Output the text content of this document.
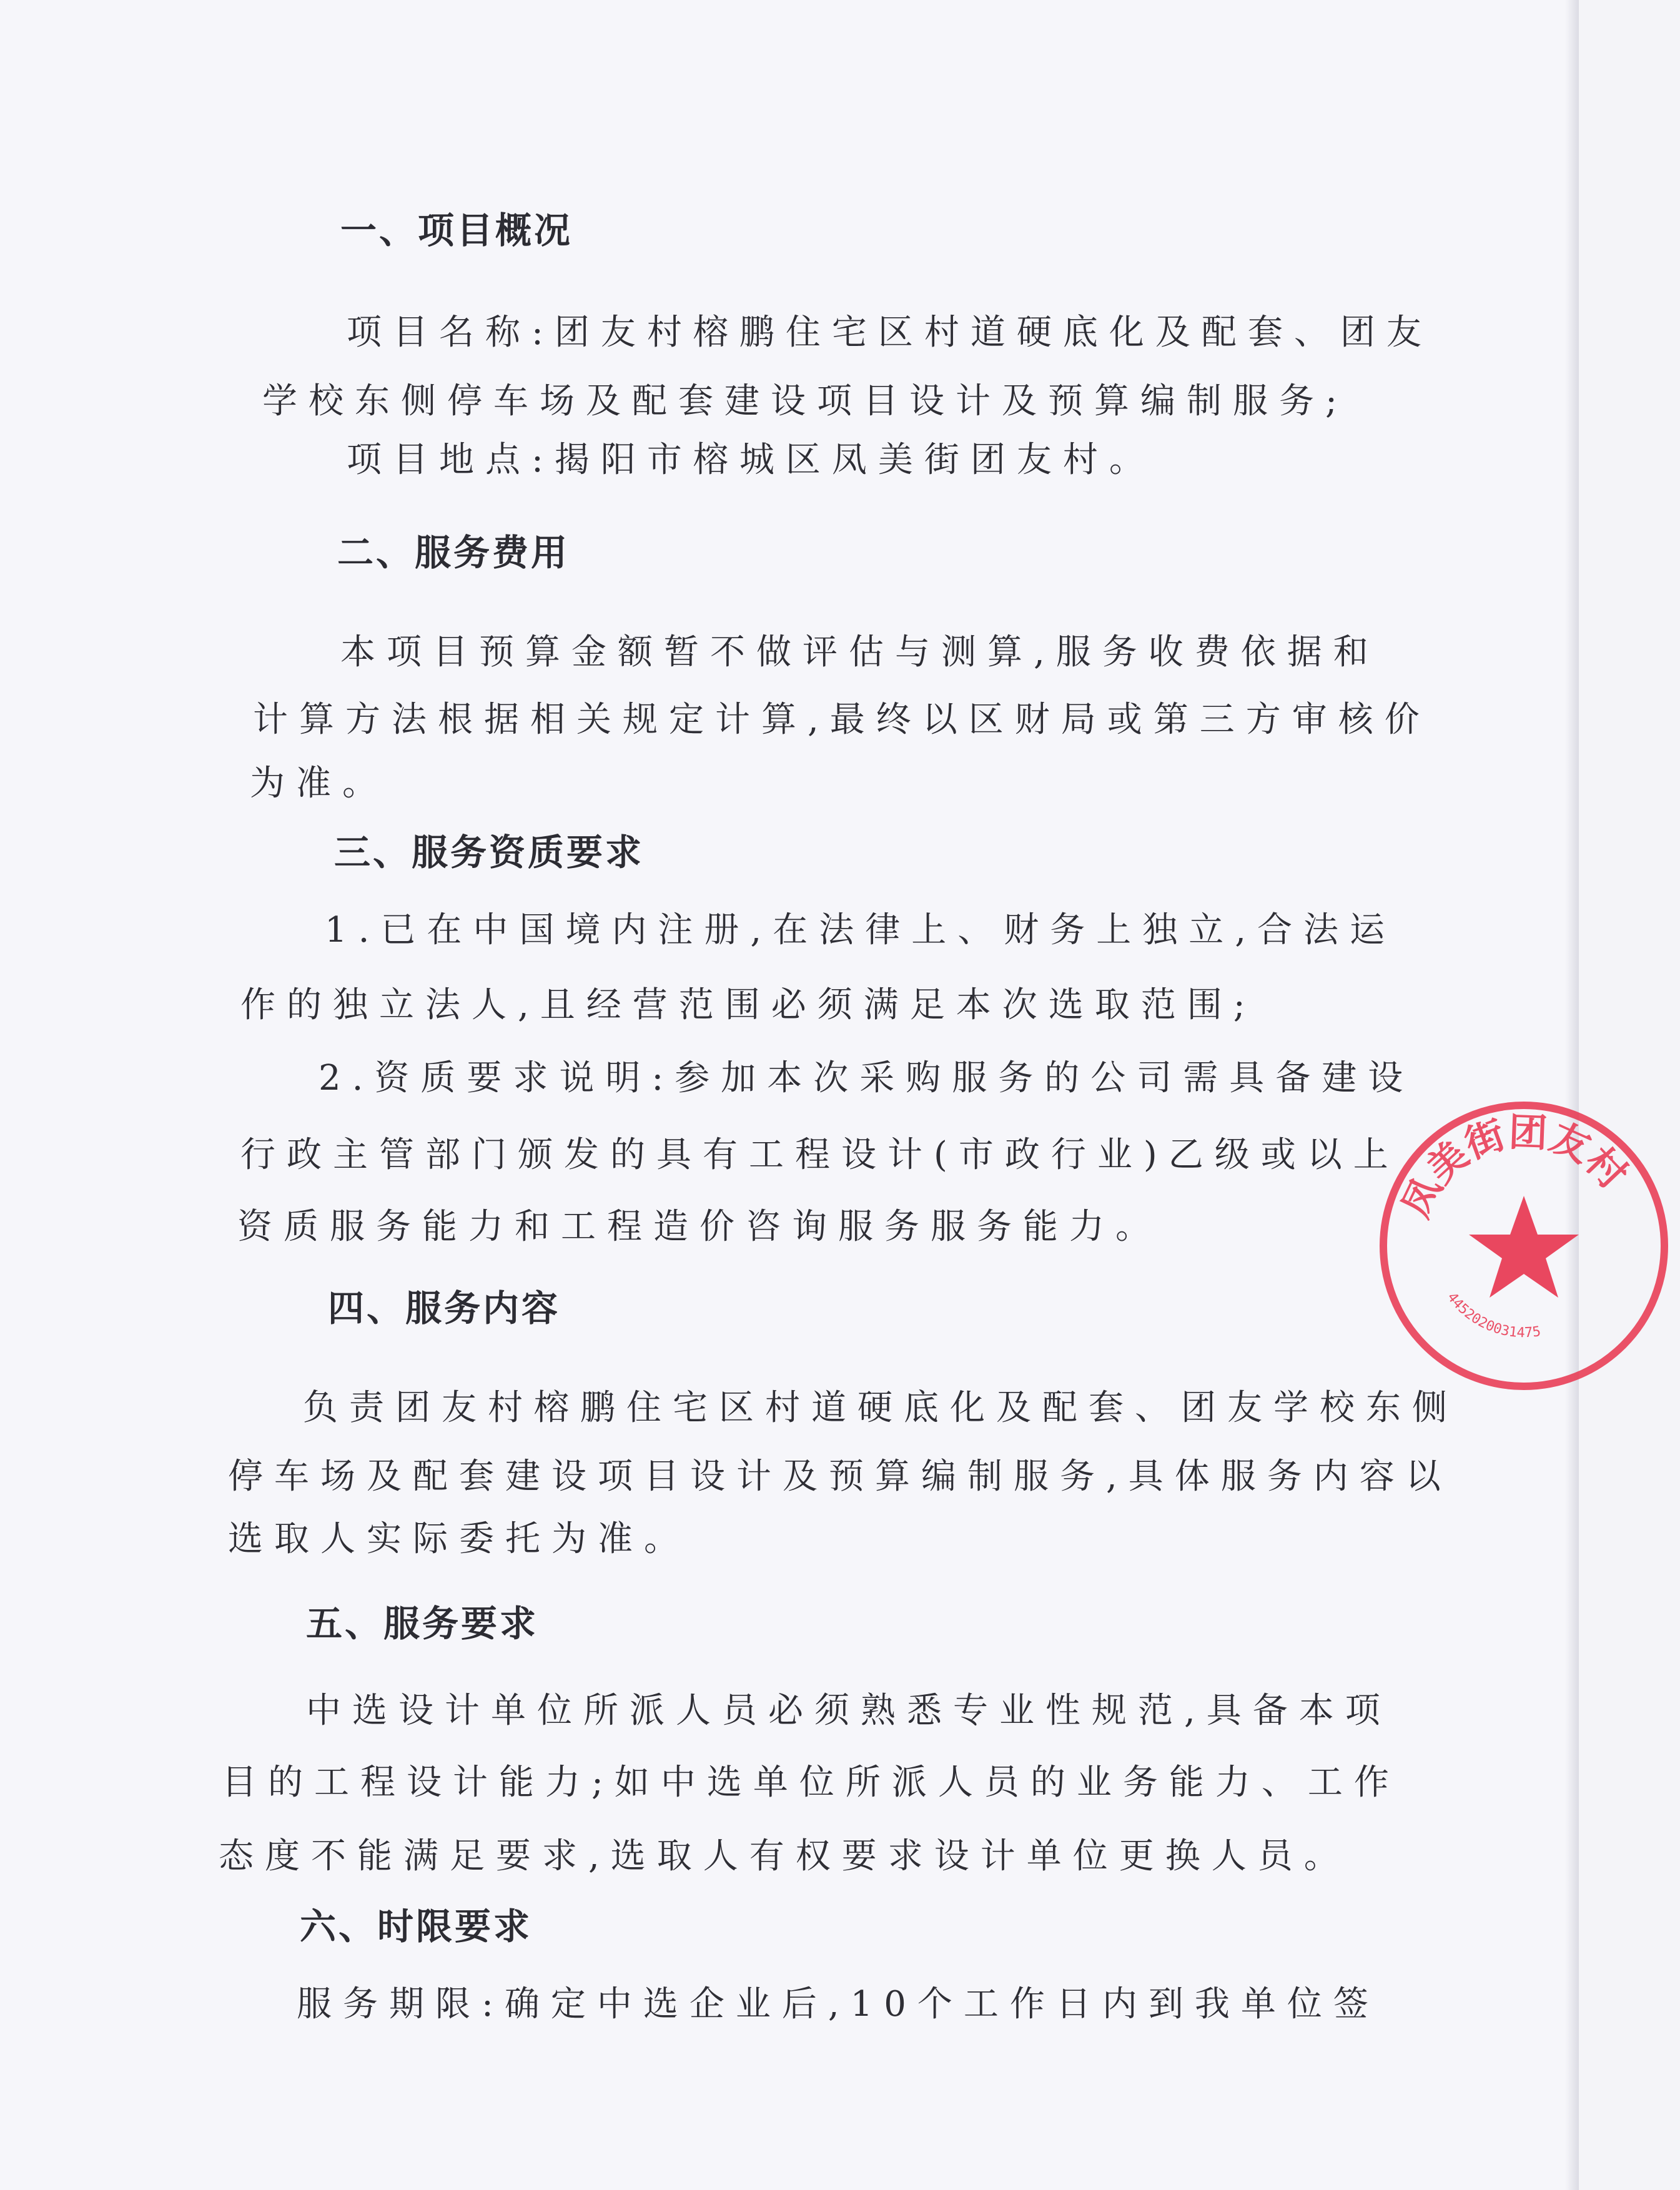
一、项目概况
项目名称:团友村榕鹏住宅区村道硬底化及配套、团友
学校东侧停车场及配套建设项目设计及预算编制服务;
项目地点:揭阳市榕城区凤美街团友村。
二、服务费用
本项目预算金额暂不做评估与测算,服务收费依据和
计算方法根据相关规定计算,最终以区财局或第三方审核价
为准。
三、服务资质要求
1.已在中国境内注册,在法律上、财务上独立,合法运
作的独立法人,且经营范围必须满足本次选取范围;
2.资质要求说明:参加本次采购服务的公司需具备建设
行政主管部门颁发的具有工程设计(市政行业)乙级或以上
资质服务能力和工程造价咨询服务服务能力。
四、服务内容
负责团友村榕鹏住宅区村道硬底化及配套、团友学校东侧
停车场及配套建设项目设计及预算编制服务,具体服务内容以
选取人实际委托为准。
五、服务要求
中选设计单位所派人员必须熟悉专业性规范,具备本项
目的工程设计能力;如中选单位所派人员的业务能力、工作
态度不能满足要求,选取人有权要求设计单位更换人员。
六、时限要求
服务期限:确定中选企业后,10个工作日内到我单位签
凤美街团友村
4452020031475
